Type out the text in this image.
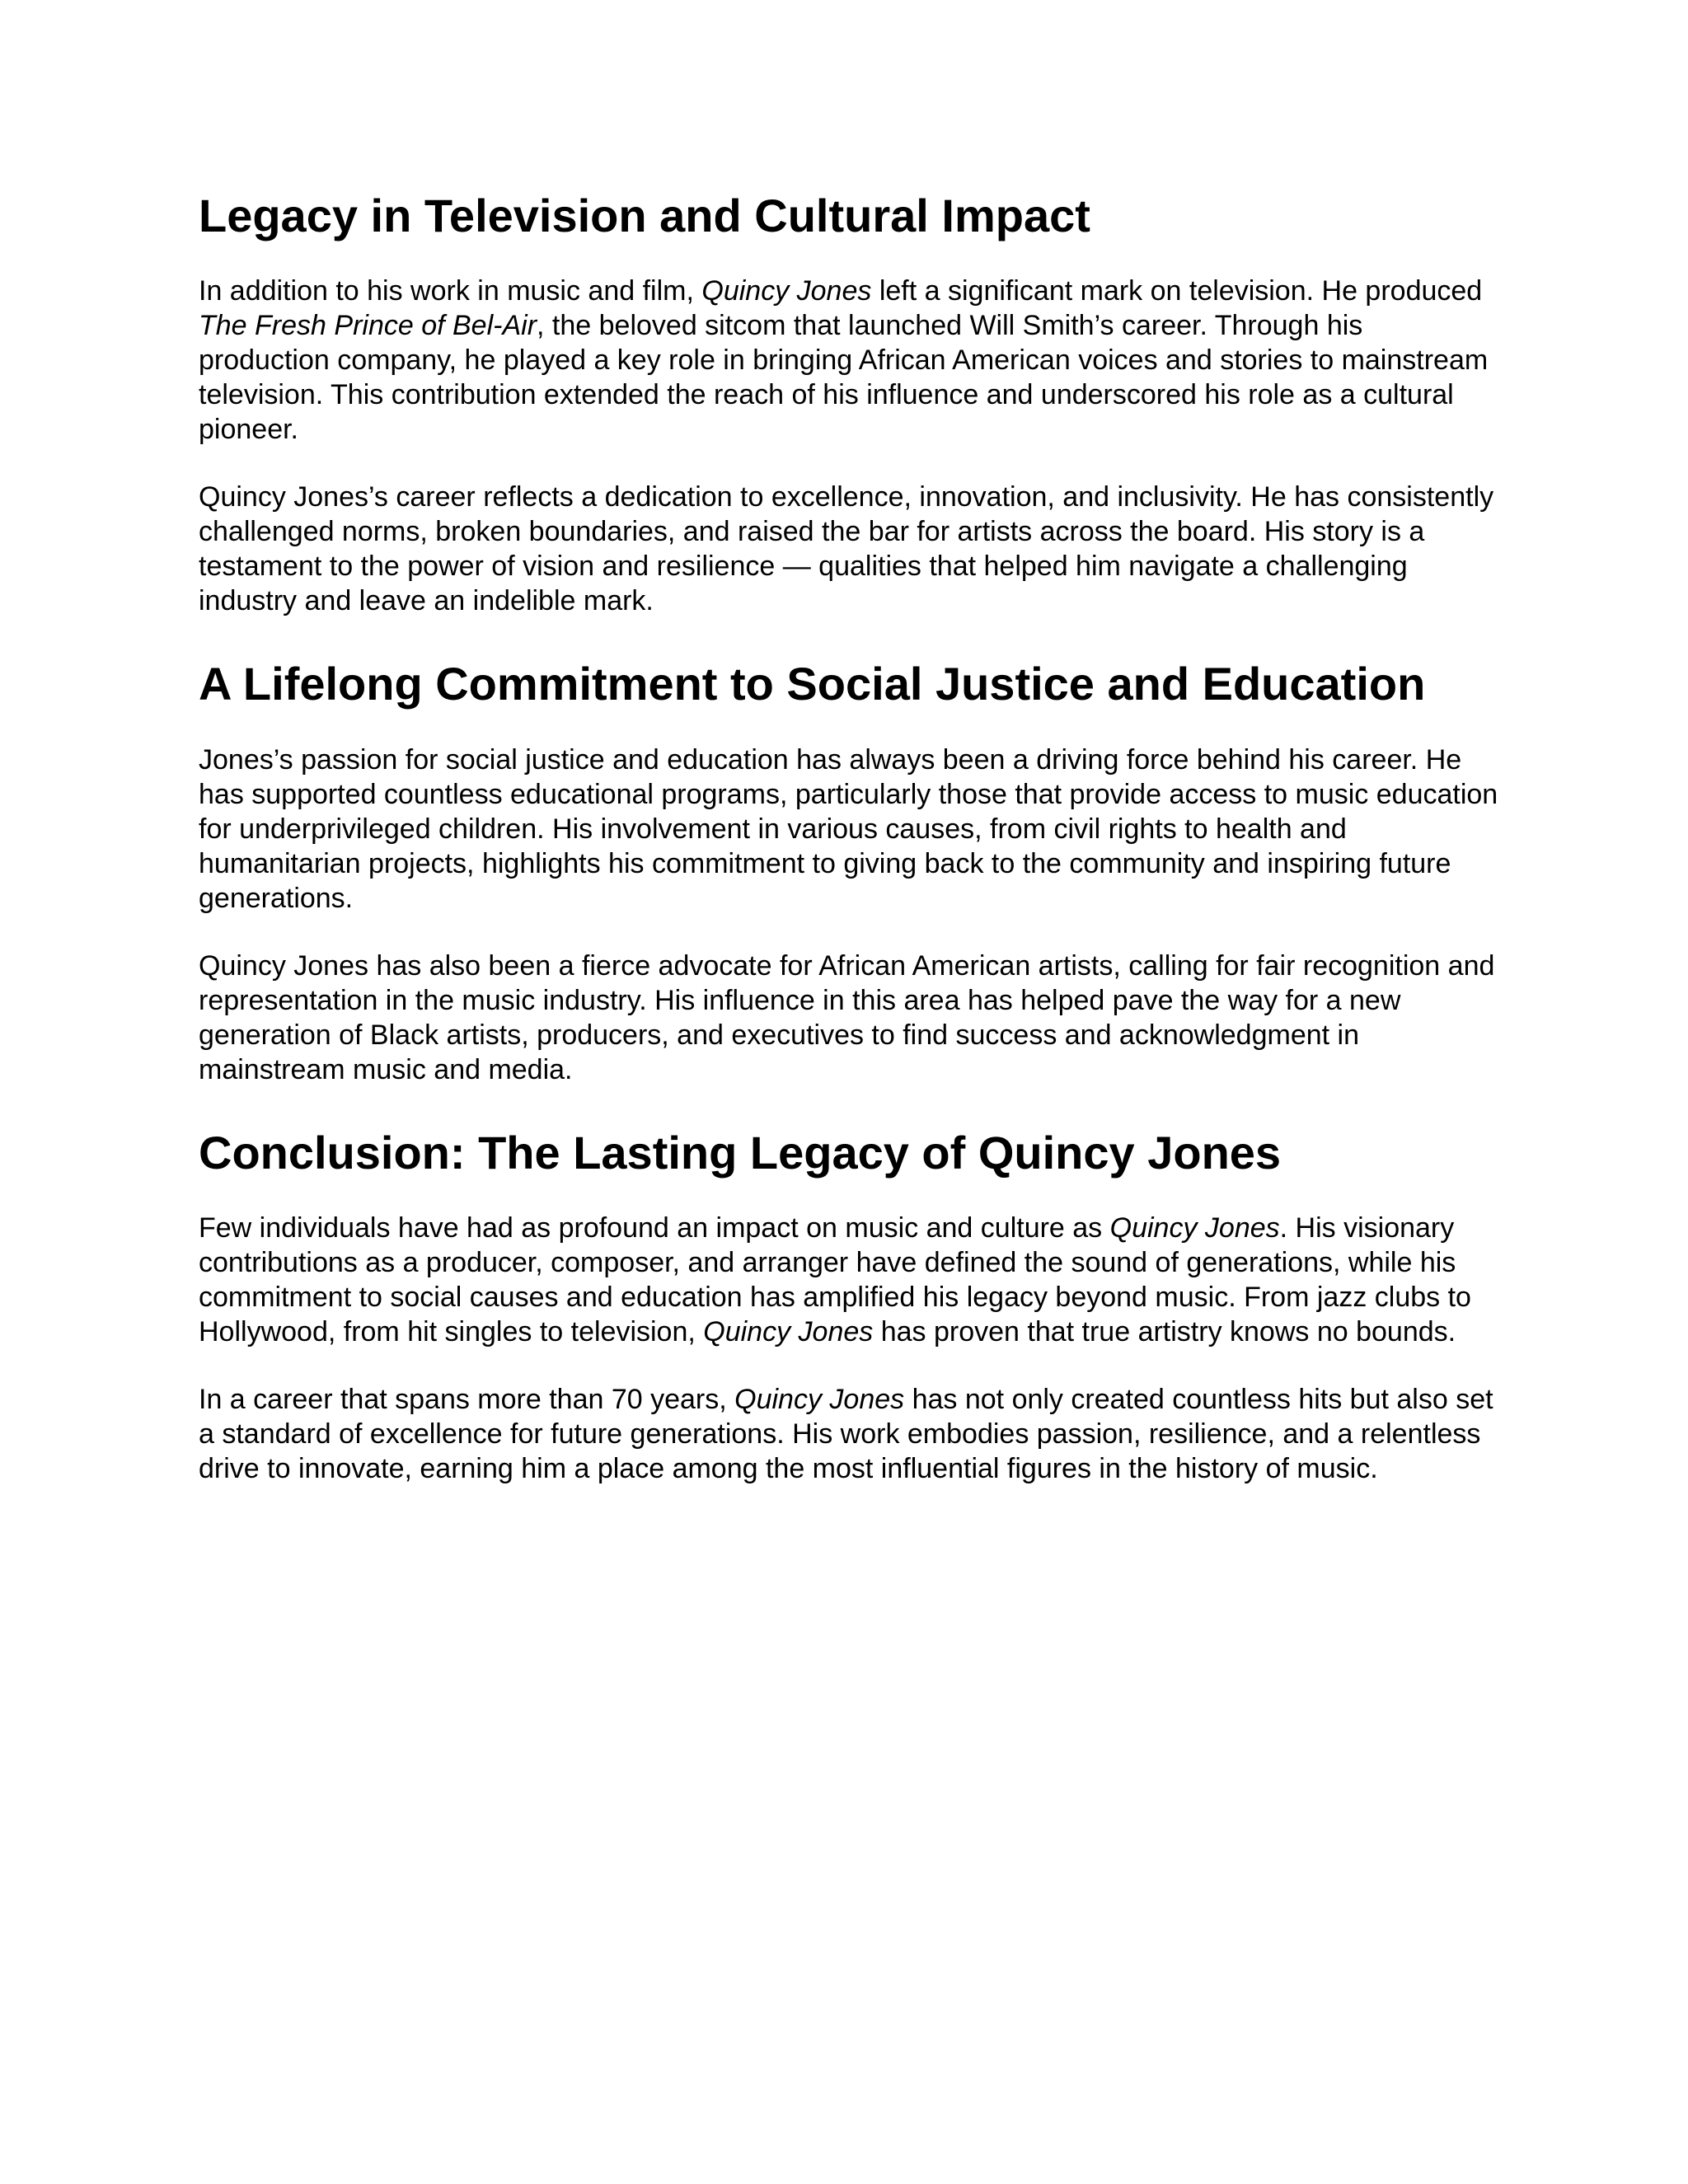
Legacy in Television and Cultural Impact

In addition to his work in music and film, Quincy Jones left a significant mark on television. He produced The Fresh Prince of Bel-Air, the beloved sitcom that launched Will Smith’s career. Through his production company, he played a key role in bringing African American voices and stories to mainstream television. This contribution extended the reach of his influence and underscored his role as a cultural pioneer.

Quincy Jones’s career reflects a dedication to excellence, innovation, and inclusivity. He has consistently challenged norms, broken boundaries, and raised the bar for artists across the board. His story is a testament to the power of vision and resilience — qualities that helped him navigate a challenging industry and leave an indelible mark.

A Lifelong Commitment to Social Justice and Education

Jones’s passion for social justice and education has always been a driving force behind his career. He has supported countless educational programs, particularly those that provide access to music education for underprivileged children. His involvement in various causes, from civil rights to health and humanitarian projects, highlights his commitment to giving back to the community and inspiring future generations.

Quincy Jones has also been a fierce advocate for African American artists, calling for fair recognition and representation in the music industry. His influence in this area has helped pave the way for a new generation of Black artists, producers, and executives to find success and acknowledgment in mainstream music and media.

Conclusion: The Lasting Legacy of Quincy Jones

Few individuals have had as profound an impact on music and culture as Quincy Jones. His visionary contributions as a producer, composer, and arranger have defined the sound of generations, while his commitment to social causes and education has amplified his legacy beyond music. From jazz clubs to Hollywood, from hit singles to television, Quincy Jones has proven that true artistry knows no bounds.

In a career that spans more than 70 years, Quincy Jones has not only created countless hits but also set a standard of excellence for future generations. His work embodies passion, resilience, and a relentless drive to innovate, earning him a place among the most influential figures in the history of music.
